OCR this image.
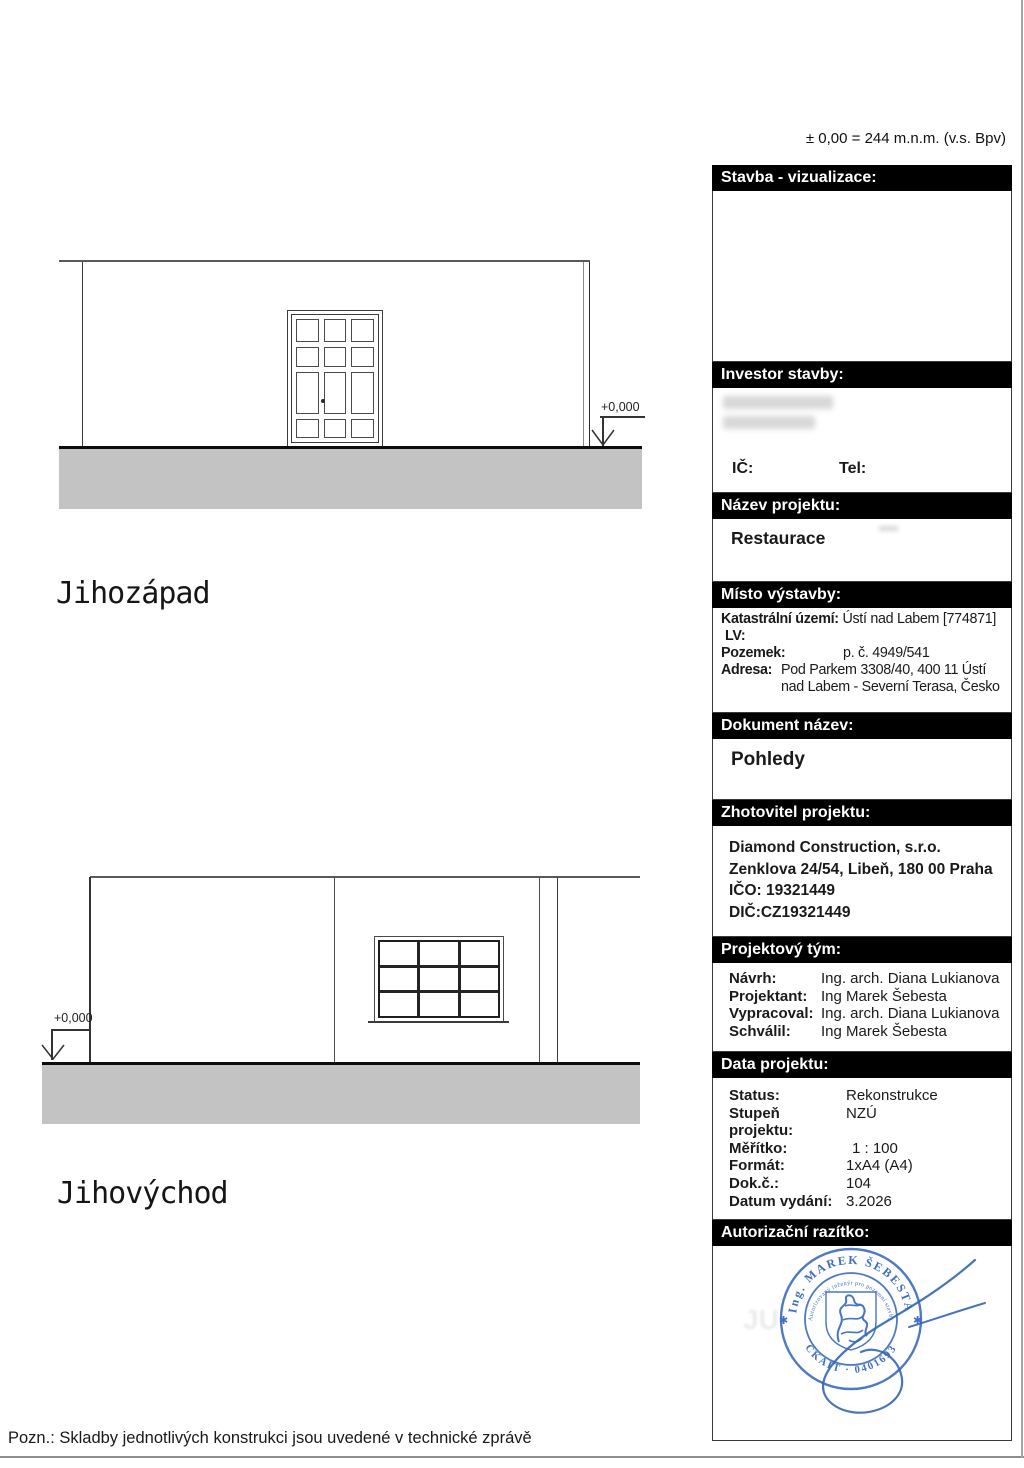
± 0,00 = 244 m.n.m. (v.s. Bpv)
+0,000
Jihozápad
+0,000
Jihovýchod
Stavba - vizualizace:
Investor stavby:
IČ:	Tel:
Název projektu:
Restaurace
Místo výstavby:
Katastrální území: Ústí nad Labem [774871]
LV:
Pozemek:	p. č. 4949/541
Adresa: Pod Parkem 3308/40, 400 11 Ústí
nad Labem - Severní Terasa, Česko
Dokument název:
Pohledy
Zhotovitel projektu:
Diamond Construction, s.r.o.
Zenklova 24/54, Libeň, 180 00 Praha
IČO: 19321449
DIČ:CZ19321449
Projektový tým:
Návrh:	Ing. arch. Diana Lukianova
Projektant: Ing Marek Šebesta
Vypracoval: Ing. arch. Diana Lukianova
Schválil:	Ing Marek Šebesta
Data projektu:
Status:	Rekonstrukce
Stupeň projektu:
NZÚ
Měřítko:	1 : 100
Formát:	1xA4 (A4)
Dok.č.:	104
Datum vydání: 3.2026
Autorizační razítko:
JU Ing. MAREK ŠEBESTA
ČKAIT · 0401693
Autorizovaný inženýr pro pozemní stavby
✱	✱
Pozn.: Skladby jednotlivých konstrukci jsou uvedené v technické zprávě
